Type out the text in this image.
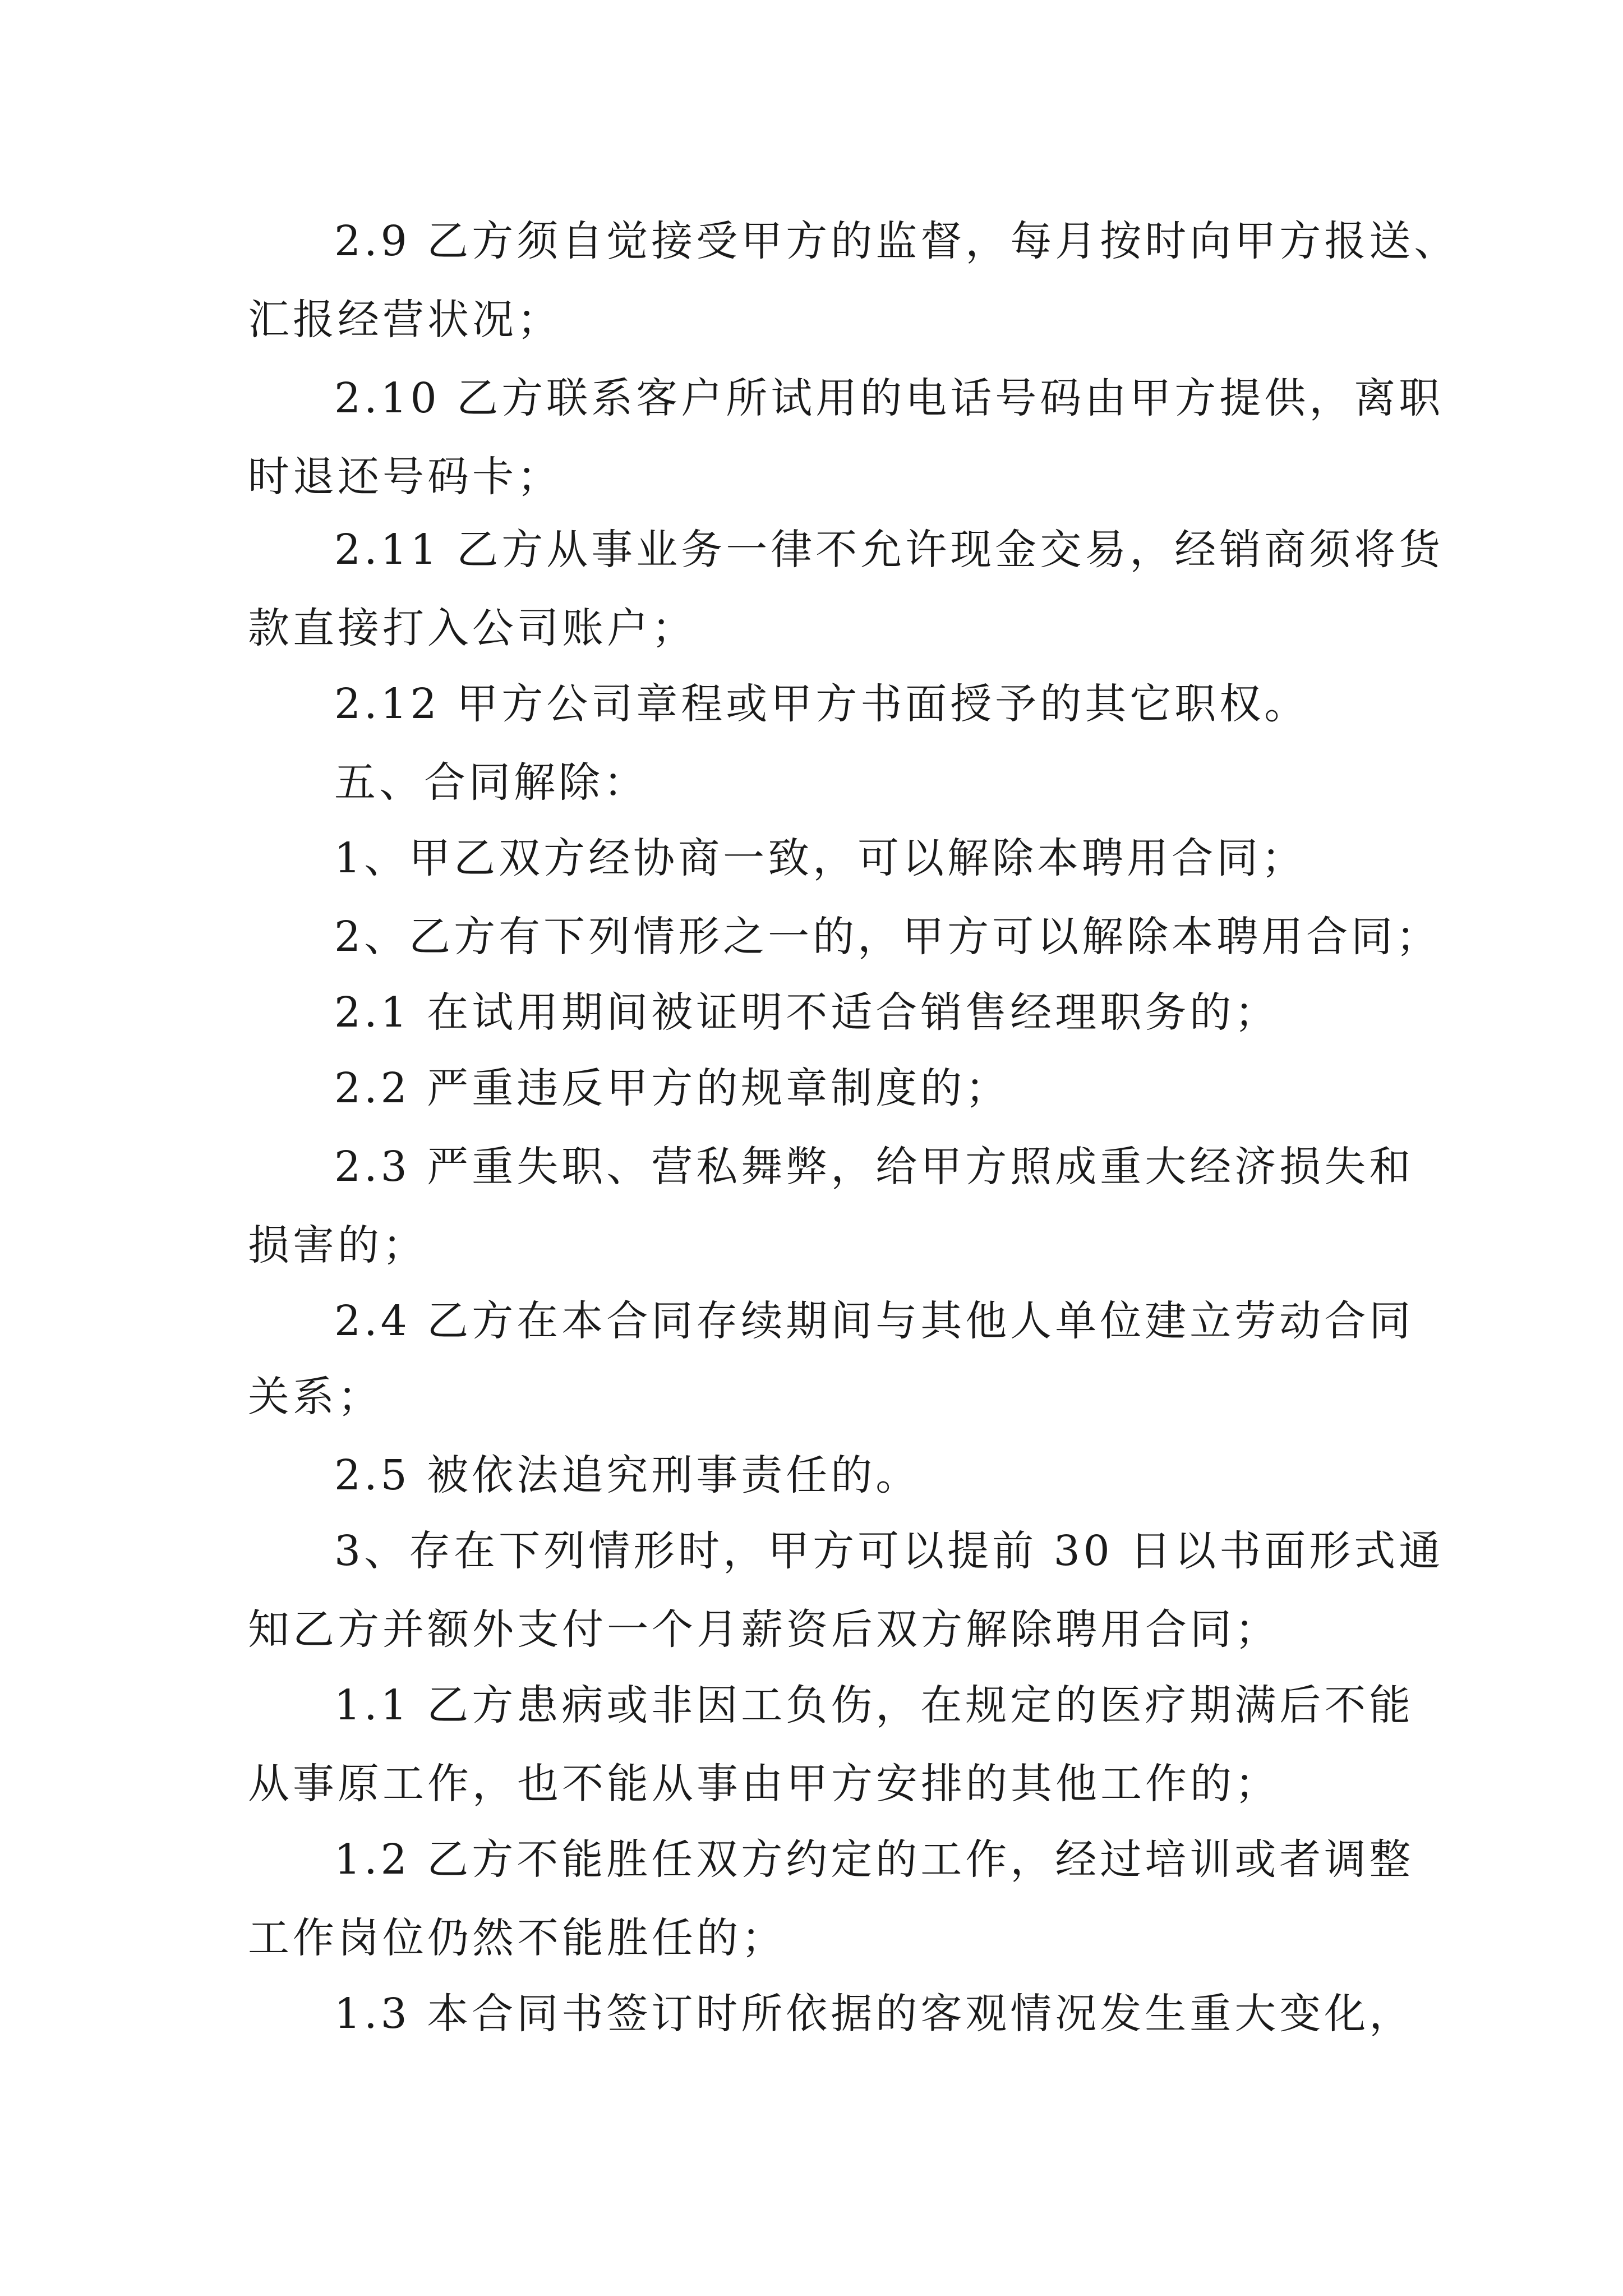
2.9 乙方须自觉接受甲方的监督，每月按时向甲方报送、
汇报经营状况；
2.10 乙方联系客户所试用的电话号码由甲方提供，离职
时退还号码卡；
2.11 乙方从事业务一律不允许现金交易，经销商须将货
款直接打入公司账户；
2.12 甲方公司章程或甲方书面授予的其它职权。
五、合同解除：
1、甲乙双方经协商一致，可以解除本聘用合同；
2、乙方有下列情形之一的，甲方可以解除本聘用合同；
2.1 在试用期间被证明不适合销售经理职务的；
2.2 严重违反甲方的规章制度的；
2.3 严重失职、营私舞弊，给甲方照成重大经济损失和
损害的；
2.4 乙方在本合同存续期间与其他人单位建立劳动合同
关系；
2.5 被依法追究刑事责任的。
3、存在下列情形时，甲方可以提前 30 日以书面形式通
知乙方并额外支付一个月薪资后双方解除聘用合同；
1.1 乙方患病或非因工负伤，在规定的医疗期满后不能
从事原工作，也不能从事由甲方安排的其他工作的；
1.2 乙方不能胜任双方约定的工作，经过培训或者调整
工作岗位仍然不能胜任的；
1.3 本合同书签订时所依据的客观情况发生重大变化，
